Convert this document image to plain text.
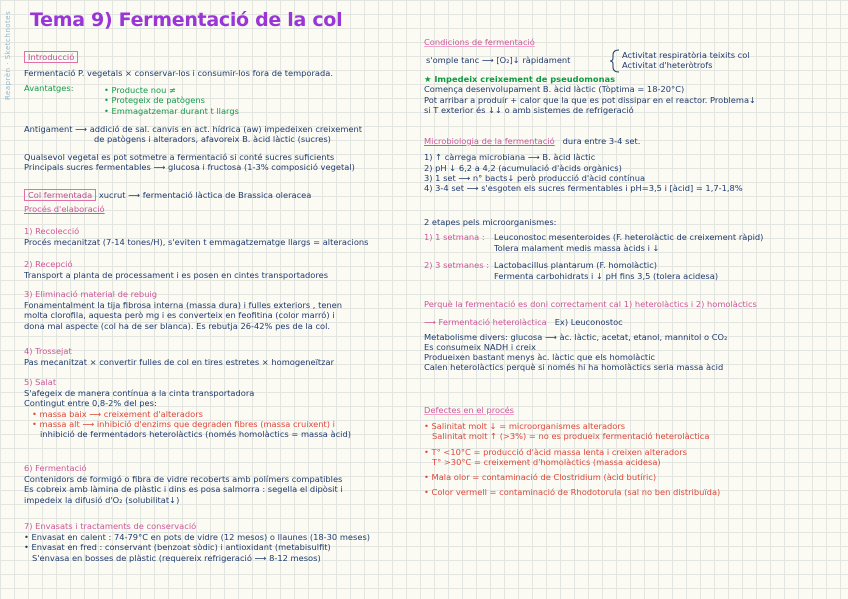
Reaprèn · Sketchnotes Tema 9) Fermentació de la col
Introducció
Fermentació P. vegetals × conservar-los i consumir-los fora de temporada.
Avantatges:	• Producte nou ≠
• Protegeix de patògens
• Emmagatzemar durant t llargs
Antigament ⟶ addició de sal. canvis en act. hídrica (aw) impedeixen creixement
de patògens i alteradors, afavoreix B. àcid làctic (sucres)
Qualsevol vegetal es pot sotmetre a fermentació si conté sucres suficients
Principals sucres fermentables ⟶ glucosa i fructosa (1-3% composició vegetal)
Col fermentada xucrut ⟶ fermentació làctica de Brassica oleracea
Procés d'elaboració
1) Recolecció
Procés mecanitzat (7-14 tones/H), s'eviten t emmagatzematge llargs = alteracions
2) Recepció
Transport a planta de processament i es posen en cintes transportadores
3) Eliminació material de rebuig
Fonamentalment la tija fibrosa interna (massa dura) i fulles exteriors , tenen
molta clorofila, aquesta però mg i es converteix en feofitina (color marró) i
dona mal aspecte (col ha de ser blanca). Es rebutja 26-42% pes de la col.
4) Trossejat
Pas mecanitzat × convertir fulles de col en tires estretes × homogeneïtzar
5) Salat
S'afegeix de manera contínua a la cinta transportadora
Contingut entre 0,8-2% del pes:
• massa baix ⟶ creixement d'alteradors
• massa alt ⟶ inhibició d'enzims que degraden fibres (massa cruixent) i
inhibició de fermentadors heterolàctics (només homolàctics = massa àcid)
6) Fermentació
Contenidors de formigó o fibra de vidre recoberts amb polímers compatibles
Es cobreix amb làmina de plàstic i dins es posa salmorra : segella el dipòsit i
impedeix la difusió d'O₂ (solubilitat↓)
7) Envasats i tractaments de conservació
• Envasat en calent : 74-79°C en pots de vidre (12 mesos) o llaunes (18-30 meses)
• Envasat en fred : conservant (benzoat sòdic) i antioxidant (metabisulfit)
S'envasa en bosses de plàstic (requereix refrigeració ⟶ 8-12 mesos)
Condicions de fermentació
s'omple tanc ⟶ [O₂]↓ ràpidament	Activitat respiratòria teixits col
Activitat d'heteròtrofs
★ Impedeix creixement de pseudomonas
Comença desenvolupament B. àcid làctic (Tòptima = 18-20°C)
Pot arribar a produir + calor que la que es pot dissipar en el reactor. Problema↓
si T exterior és ↓↓ o amb sistemes de refrigeració
Microbiologia de la fermentació dura entre 3-4 set.
1) ↑ càrrega microbiana ⟶ B. àcid làctic
2) pH ↓ 6,2 a 4,2 (acumulació d'àcids orgànics)
3) 1 set ⟶ n° bacts↓ però producció d'àcid contínua
4) 3-4 set ⟶ s'esgoten els sucres fermentables i pH=3,5 i [àcid] = 1,7-1,8%
2 etapes pels microorganismes:
1) 1 setmana : Leuconostoc mesenteroides (F. heterolàctic de creixement ràpid)
Tolera malament medis massa àcids i ↓
2) 3 setmanes : Lactobacillus plantarum (F. homolàctic)
Fermenta carbohidrats i ↓ pH fins 3,5 (tolera acidesa)
Perquè la fermentació es doni correctament cal 1) heterolàctics i 2) homolàctics
⟶ Fermentació heterolàctica Ex) Leuconostoc
Metabolisme divers: glucosa ⟶ àc. làctic, acetat, etanol, mannitol o CO₂
Es consumeix NADH i creix
Produeixen bastant menys àc. làctic que els homolàctic
Calen heterolàctics perquè si només hi ha homolàctics seria massa àcid
Defectes en el procés
• Salinitat molt ↓ = microorganismes alteradors
Salinitat molt ↑ (>3%) = no es produeix fermentació heterolàctica
• T° <10°C = producció d'àcid massa lenta i creixen alteradors
T° >30°C = creixement d'homolàctics (massa acidesa)
• Mala olor = contaminació de Clostridium (àcid butíric)
• Color vermell = contaminació de Rhodotorula (sal no ben distribuïda)
